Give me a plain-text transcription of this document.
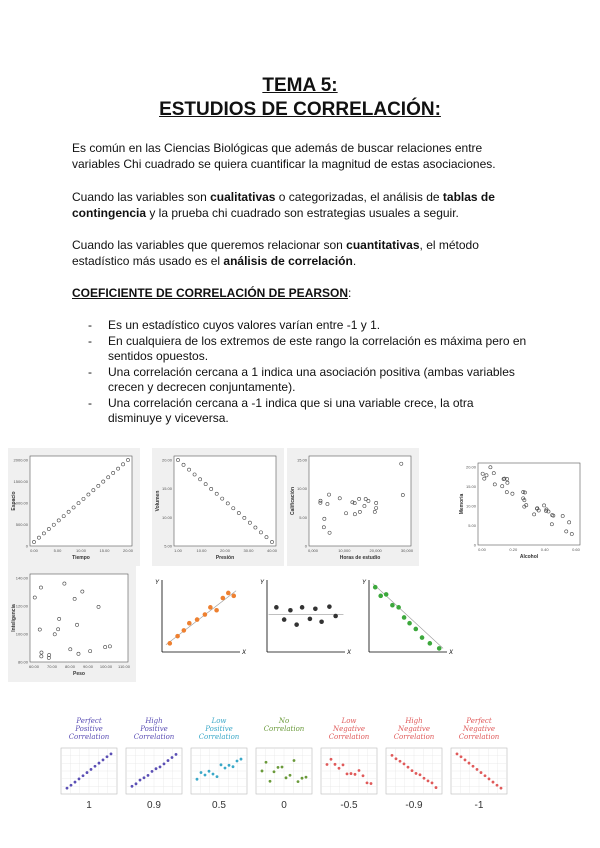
TEMA 5:
ESTUDIOS DE CORRELACIÓN:
Es común en las Ciencias Biológicas que además de buscar relaciones entre variables Chi cuadrado se quiera cuantificar la magnitud de estas asociaciones.
Cuando las variables son cualitativas o categorizadas, el análisis de tablas de contingencia y la prueba chi cuadrado son estrategias usuales a seguir.
Cuando las variables que queremos relacionar son cuantitativas, el método estadístico más usado es el análisis de correlación.
COEFICIENTE DE CORRELACIÓN DE PEARSON:
- Es un estadístico cuyos valores varían entre -1 y 1.
- En cualquiera de los extremos de este rango la correlación es máxima pero en sentidos opuestos.
- Una correlación cercana a 1 indica una asociación positiva (ambas variables crecen y decrecen conjuntamente).
- Una correlación cercana a -1 indica que si una variable crece, la otra disminuye y viceversa.
0
500.00
1000.00
1500.00
2000.00
0.00	5.00	10.00	15.00	20.00
Tiempo
Espacio
5.00
10.00
15.00
20.00
1.00	10.00	20.00	30.00	40.00
Presión
Volumen
0
5.00
10.00
15.00
0,000	10,000	20,000	30,000
Horas de estudio
Calificación
0
5.00
10.00
15.00
20.00
0.00	0.20	0.40	0.60
Alcohol
Memoria
80.00
100.00
120.00
140.00
60.00 70.00 80.00 90.00 100.00 110.00
Peso
Inteligencia
Y
X
Y
X
Y
X
Perfect
Positive
Correlation
1
High
Positive
Correlation
0.9
Low
Positive
Correlation
0.5
No
Correlation
0
Low
Negative
Correlation
-0.5
High
Negative
Correlation
-0.9
Perfect
Negative
Correlation
-1
